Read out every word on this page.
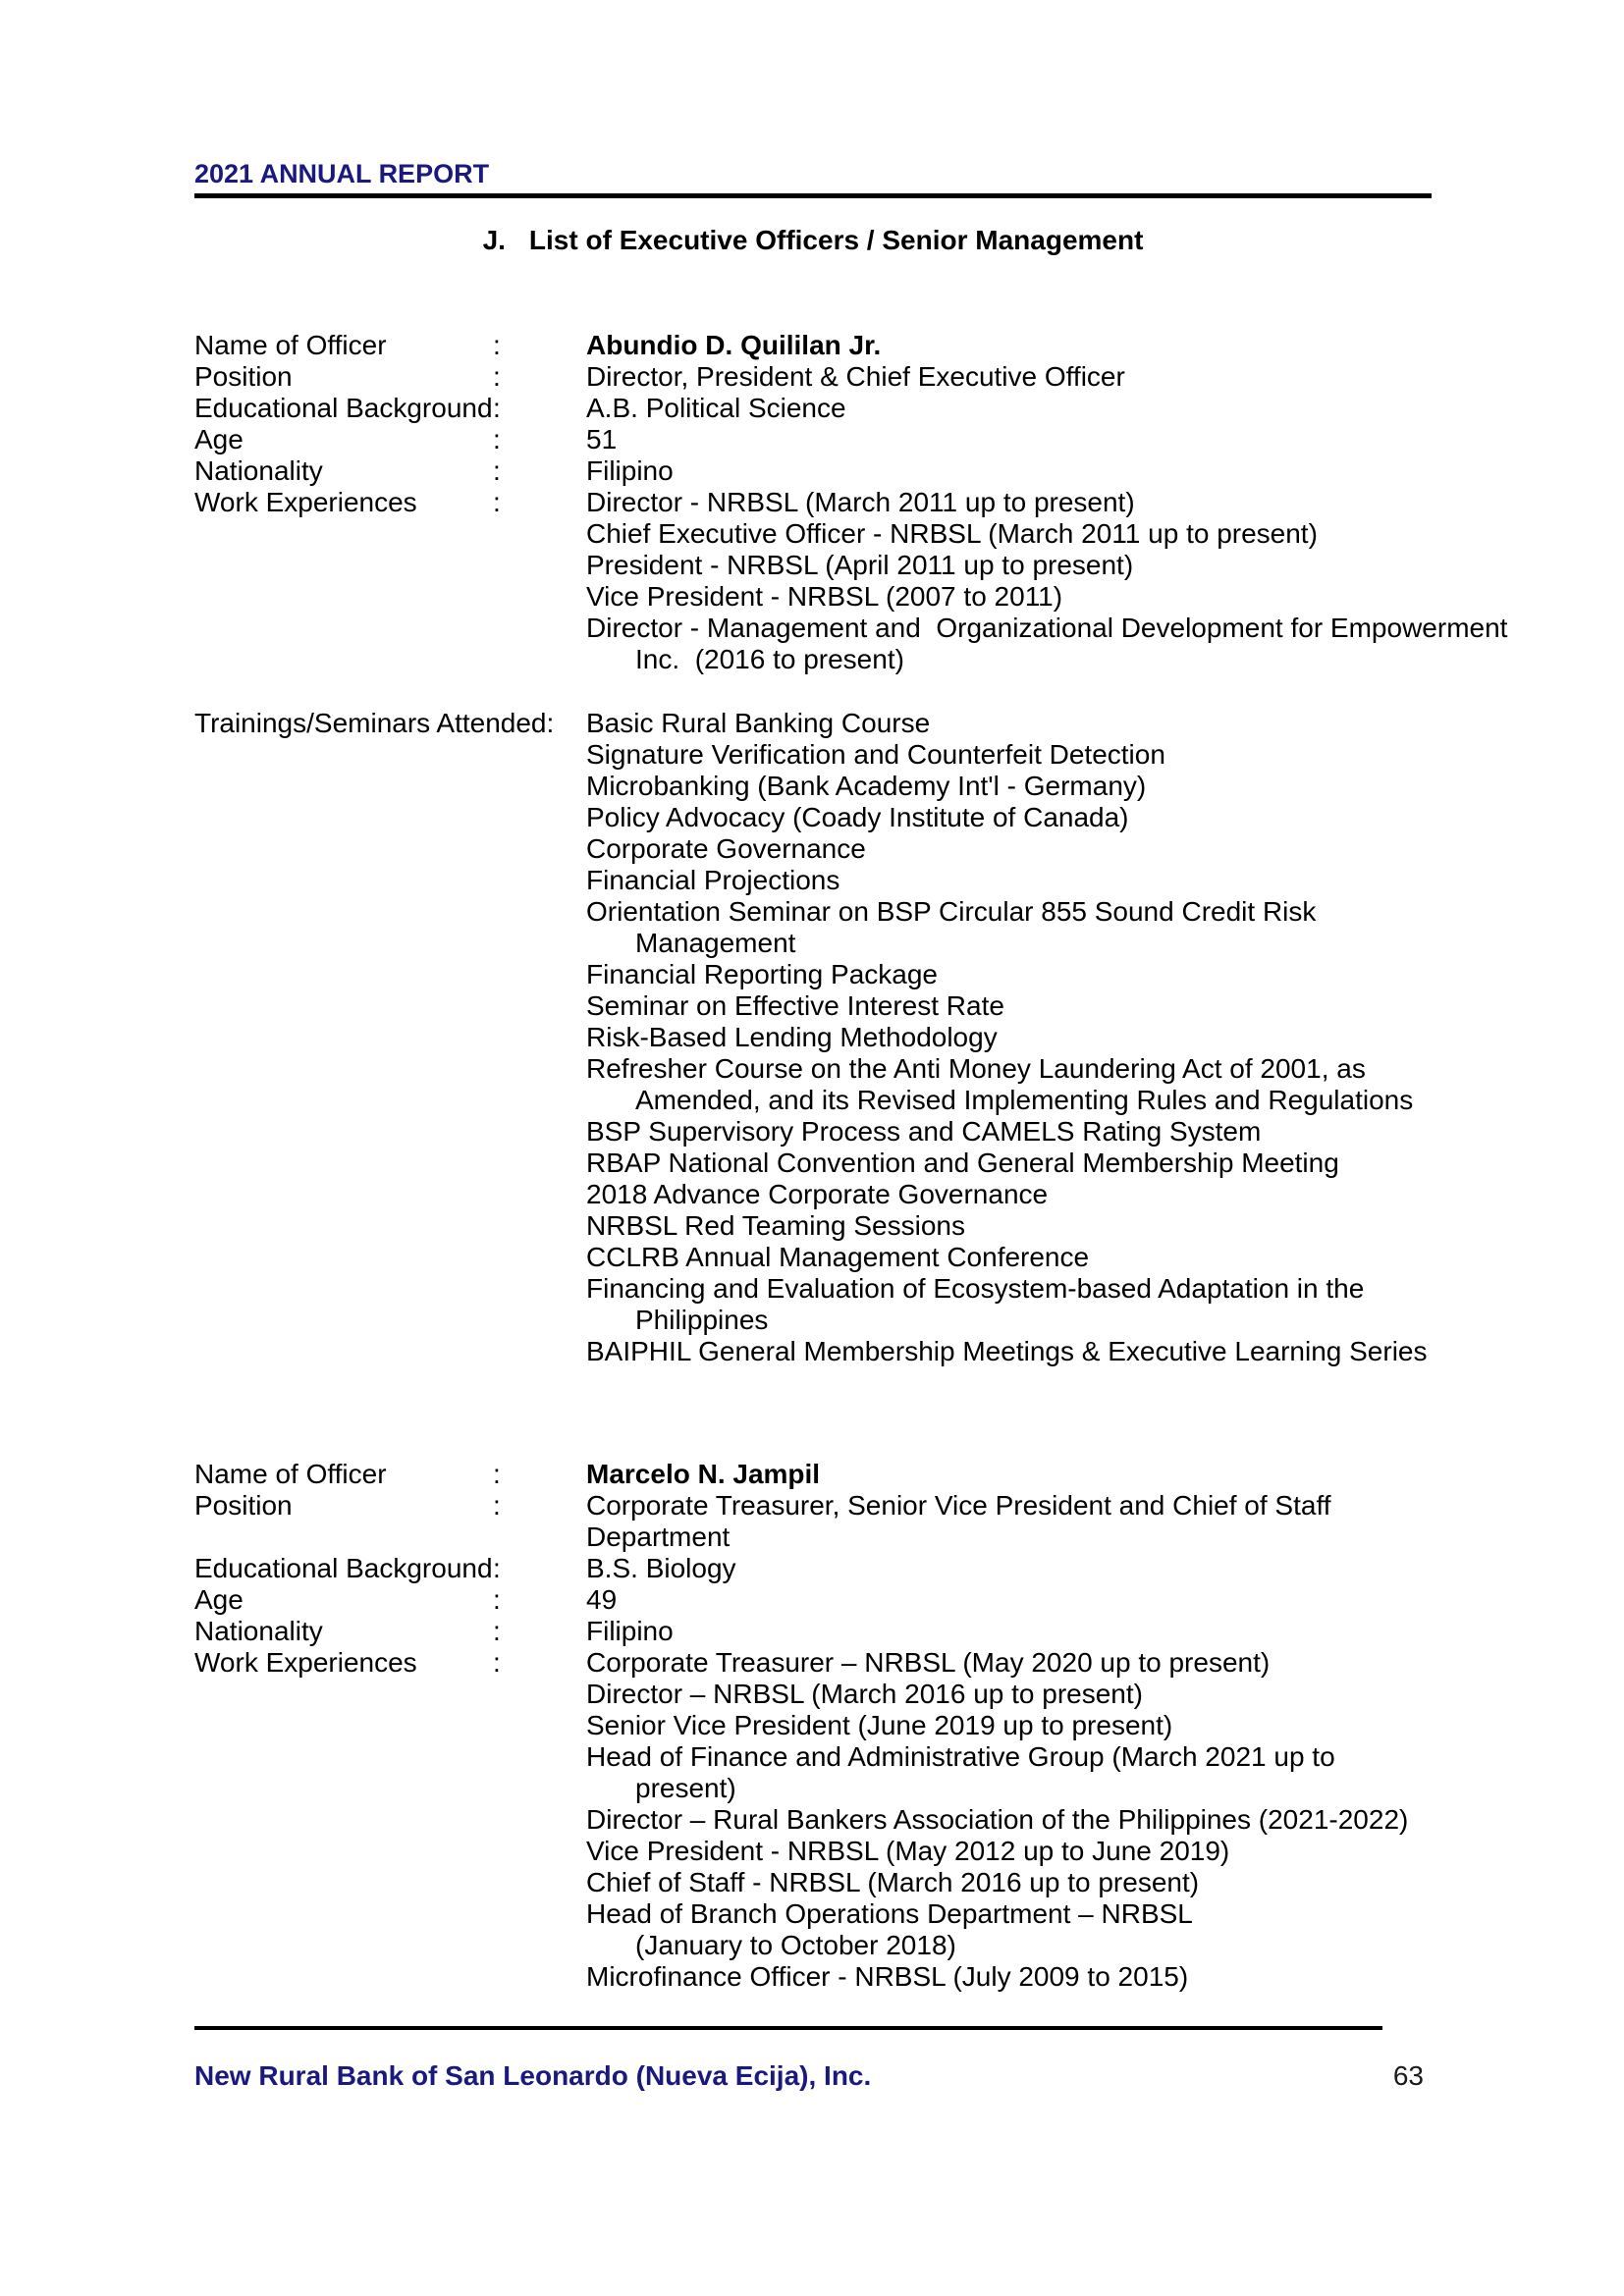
2021 ANNUAL REPORT
J. List of Executive Officers / Senior Management
Name of Officer	:	Abundio D. Quililan Jr.
Position	:	Director, President & Chief Executive Officer
Educational Background :	A.B. Political Science
Age	:	51
Nationality	:	Filipino
Work Experiences	:	Director - NRBSL (March 2011 up to present)
Chief Executive Officer - NRBSL (March 2011 up to present)
President - NRBSL (April 2011 up to present)
Vice President - NRBSL (2007 to 2011)
Director - Management and  Organizational Development for Empowerment
Inc.  (2016 to present)
Trainings/Seminars Attended:	Basic Rural Banking Course
Signature Verification and Counterfeit Detection
Microbanking (Bank Academy Int'l - Germany)
Policy Advocacy (Coady Institute of Canada)
Corporate Governance
Financial Projections
Orientation Seminar on BSP Circular 855 Sound Credit Risk
Management
Financial Reporting Package
Seminar on Effective Interest Rate
Risk-Based Lending Methodology
Refresher Course on the Anti Money Laundering Act of 2001, as
Amended, and its Revised Implementing Rules and Regulations
BSP Supervisory Process and CAMELS Rating System
RBAP National Convention and General Membership Meeting
2018 Advance Corporate Governance
NRBSL Red Teaming Sessions
CCLRB Annual Management Conference
Financing and Evaluation of Ecosystem-based Adaptation in the
Philippines
BAIPHIL General Membership Meetings & Executive Learning Series
Name of Officer	:	Marcelo N. Jampil
Position	:	Corporate Treasurer, Senior Vice President and Chief of Staff
Department
Educational Background :	B.S. Biology
Age	:	49
Nationality	:	Filipino
Work Experiences	:	Corporate Treasurer – NRBSL (May 2020 up to present)
Director – NRBSL (March 2016 up to present)
Senior Vice President (June 2019 up to present)
Head of Finance and Administrative Group (March 2021 up to
present)
Director – Rural Bankers Association of the Philippines (2021-2022)
Vice President - NRBSL (May 2012 up to June 2019)
Chief of Staff - NRBSL (March 2016 up to present)
Head of Branch Operations Department – NRBSL
(January to October 2018)
Microfinance Officer - NRBSL (July 2009 to 2015)
New Rural Bank of San Leonardo (Nueva Ecija), Inc.	63
